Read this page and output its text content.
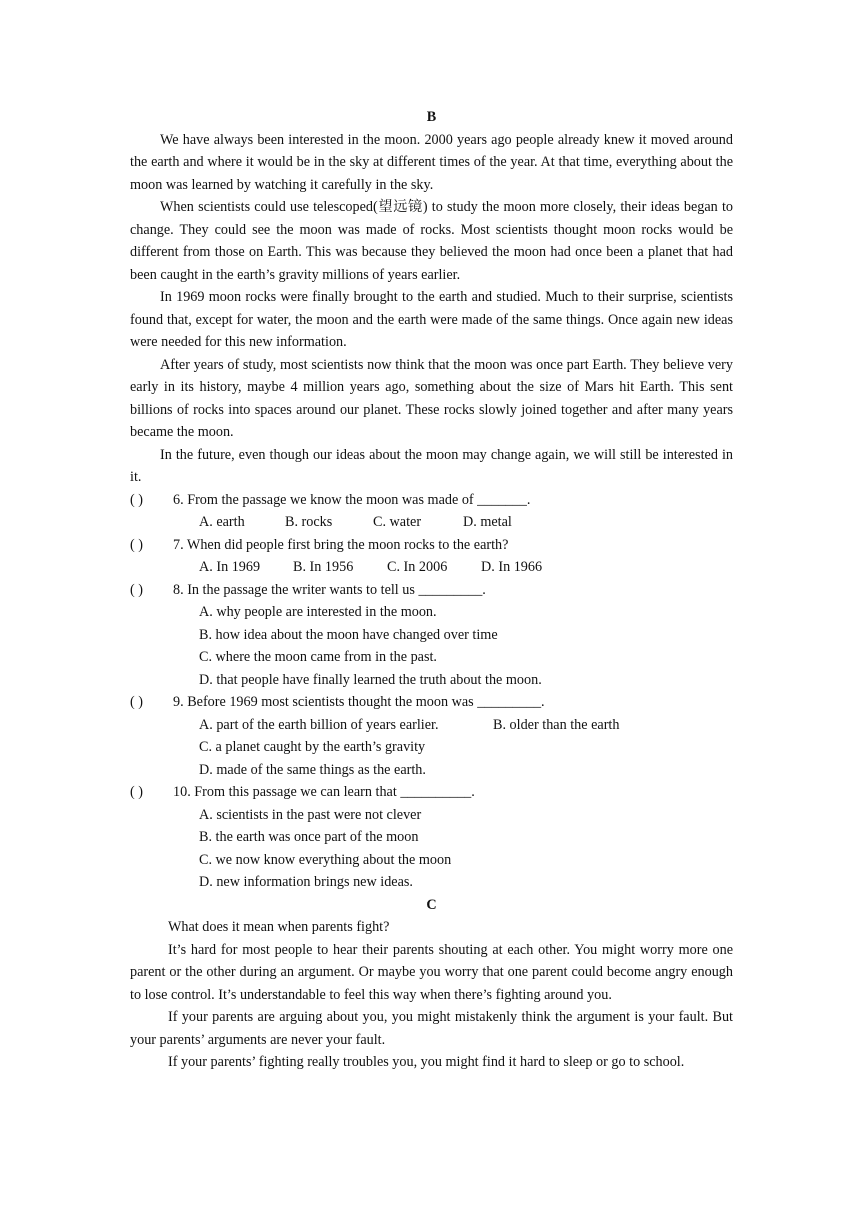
B

We have always been interested in the moon. 2000 years ago people already knew it moved around the earth and where it would be in the sky at different times of the year. At that time, everything about the moon was learned by watching it carefully in the sky.

When scientists could use telescoped(望远镜) to study the moon more closely, their ideas began to change. They could see the moon was made of rocks. Most scientists thought moon rocks would be different from those on Earth. This was because they believed the moon had once been a planet that had been caught in the earth’s gravity millions of years earlier.

In 1969 moon rocks were finally brought to the earth and studied. Much to their surprise, scientists found that, except for water, the moon and the earth were made of the same things. Once again new ideas were needed for this new information.

After years of study, most scientists now think that the moon was once part Earth. They believe very early in its history, maybe 4 million years ago, something about the size of Mars hit Earth. This sent billions of rocks into spaces around our planet. These rocks slowly joined together and after many years became the moon.

In the future, even though our ideas about the moon may change again, we will still be interested in it.

( ) 6. From the passage we know the moon was made of _______.
A. earth	B. rocks	C. water	D. metal
( ) 7. When did people first bring the moon rocks to the earth?
A. In 1969 B. In 1956 C. In 2006 D. In 1966
( ) 8. In the passage the writer wants to tell us _________.
A. why people are interested in the moon.
B. how idea about the moon have changed over time
C. where the moon came from in the past.
D. that people have finally learned the truth about the moon.
( ) 9. Before 1969 most scientists thought the moon was _________.
A. part of the earth billion of years earlier.	B. older than the earth
C. a planet caught by the earth’s gravity
D. made of the same things as the earth.
( ) 10. From this passage we can learn that __________.
A. scientists in the past were not clever
B. the earth was once part of the moon
C. we now know everything about the moon
D. new information brings new ideas.
C

What does it mean when parents fight?

It’s hard for most people to hear their parents shouting at each other. You might worry more one parent or the other during an argument. Or maybe you worry that one parent could become angry enough to lose control. It’s understandable to feel this way when there’s fighting around you.

If your parents are arguing about you, you might mistakenly think the argument is your fault. But your parents’ arguments are never your fault.

If your parents’ fighting really troubles you, you might find it hard to sleep or go to school.
